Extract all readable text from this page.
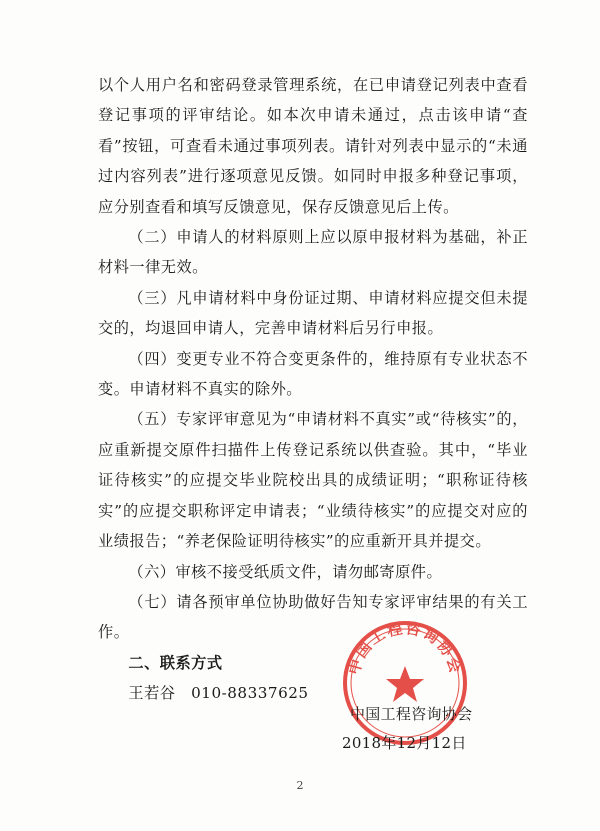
以个人用户名和密码登录管理系统，在已申请登记列表中查看登记事项的评审结论。如本次申请未通过，点击该申请“查看”按钮，可查看未通过事项列表。请针对列表中显示的“未通过内容列表”进行逐项意见反馈。如同时申报多种登记事项，应分别查看和填写反馈意见，保存反馈意见后上传。

（二）申请人的材料原则上应以原申报材料为基础，补正材料一律无效。

（三）凡申请材料中身份证过期、申请材料应提交但未提交的，均退回申请人，完善申请材料后另行申报。

（四）变更专业不符合变更条件的，维持原有专业状态不变。申请材料不真实的除外。

（五）专家评审意见为“申请材料不真实”或“待核实”的，应重新提交原件扫描件上传登记系统以供查验。其中，“毕业证待核实”的应提交毕业院校出具的成绩证明；“职称证待核实”的应提交职称评定申请表；“业绩待核实”的应提交对应的业绩报告；“养老保险证明待核实”的应重新开具并提交。

（六）审核不接受纸质文件，请勿邮寄原件。

（七）请各预审单位协助做好告知专家评审结果的有关工作。

二、联系方式

王若谷　010-88337625

中国工程咨询协会
中国工程咨询协会
2018年12月12日
2
